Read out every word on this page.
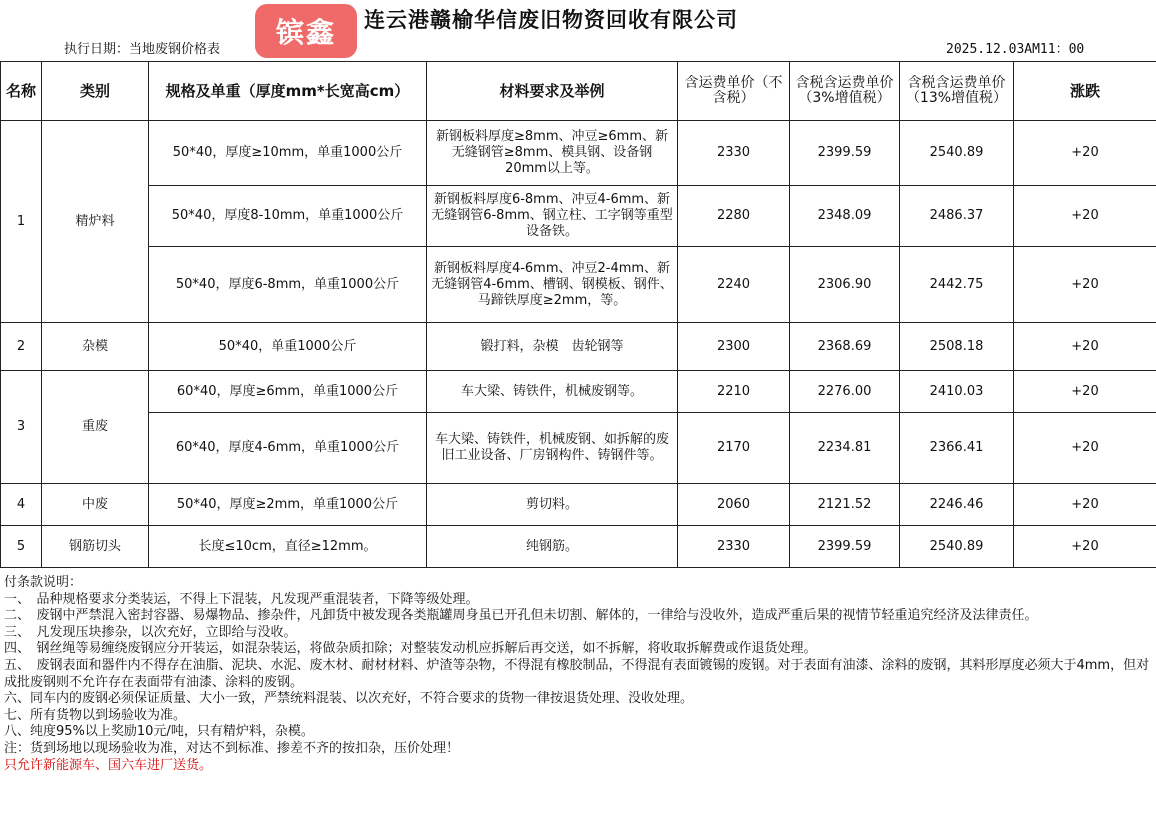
镔鑫	连云港赣榆华信废旧物资回收有限公司
执行日期：当地废钢价格表	2025.12.03AM11：00
名称	类别	规格及单重（厚度mm*长宽高cm）	材料要求及举例	含运费单价（不含税）	含税含运费单价（3%增值税）	含税含运费单价（13%增值税）	涨跌
1	精炉料	50*40，厚度≥10mm，单重1000公斤	新钢板料厚度≥8mm、冲豆≥6mm、新无缝钢管≥8mm、模具钢、设备钢20mm以上等。	2330	2399.59	2540.89	+20
		50*40，厚度8-10mm，单重1000公斤	新钢板料厚度6-8mm、冲豆4-6mm、新无缝钢管6-8mm、钢立柱、工字钢等重型设备铁。	2280	2348.09	2486.37	+20
		50*40，厚度6-8mm，单重1000公斤	新钢板料厚度4-6mm、冲豆2-4mm、新无缝钢管4-6mm、槽钢、钢模板、钢件、马蹄铁厚度≥2mm，等。	2240	2306.90	2442.75	+20
2	杂模	50*40，单重1000公斤	锻打料，杂模　齿轮钢等	2300	2368.69	2508.18	+20
3	重废	60*40，厚度≥6mm，单重1000公斤	车大梁、铸铁件，机械废钢等。	2210	2276.00	2410.03	+20
		60*40，厚度4-6mm，单重1000公斤	车大梁、铸铁件，机械废钢、如拆解的废旧工业设备、厂房钢构件、铸钢件等。	2170	2234.81	2366.41	+20
4	中废	50*40，厚度≥2mm，单重1000公斤	剪切料。	2060	2121.52	2246.46	+20
5	钢筋切头	长度≤10cm，直径≥12mm。	纯钢筋。	2330	2399.59	2540.89	+20
付条款说明：
一、　品种规格要求分类装运，不得上下混装，凡发现严重混装者，下降等级处理。
二、　废钢中严禁混入密封容器、易爆物品、掺杂件，凡卸货中被发现各类瓶罐周身虽已开孔但未切割、解体的，一律给与没收外，造成严重后果的视情节轻重追究经济及法律责任。
三、　凡发现压块掺杂，以次充好，立即给与没收。
四、　钢丝绳等易缠绕废钢应分开装运，如混杂装运，将做杂质扣除；对整装发动机应拆解后再交送，如不拆解，将收取拆解费或作退货处理。
五、　废钢表面和器件内不得存在油脂、泥块、水泥、废木材、耐材材料、炉渣等杂物，不得混有橡胶制品，不得混有表面镀锡的废钢。对于表面有油漆、涂料的废钢，其料形厚度必须大于4mm，但对成批废钢则不允许存在表面带有油漆、涂料的废钢。
六、同车内的废钢必须保证质量、大小一致，严禁统料混装、以次充好，不符合要求的货物一律按退货处理、没收处理。
七、所有货物以到场验收为准。
八、纯度95%以上奖励10元/吨，只有精炉料，杂模。
注：货到场地以现场验收为准，对达不到标准、掺差不齐的按扣杂，压价处理！
只允许新能源车、国六车进厂送货。
